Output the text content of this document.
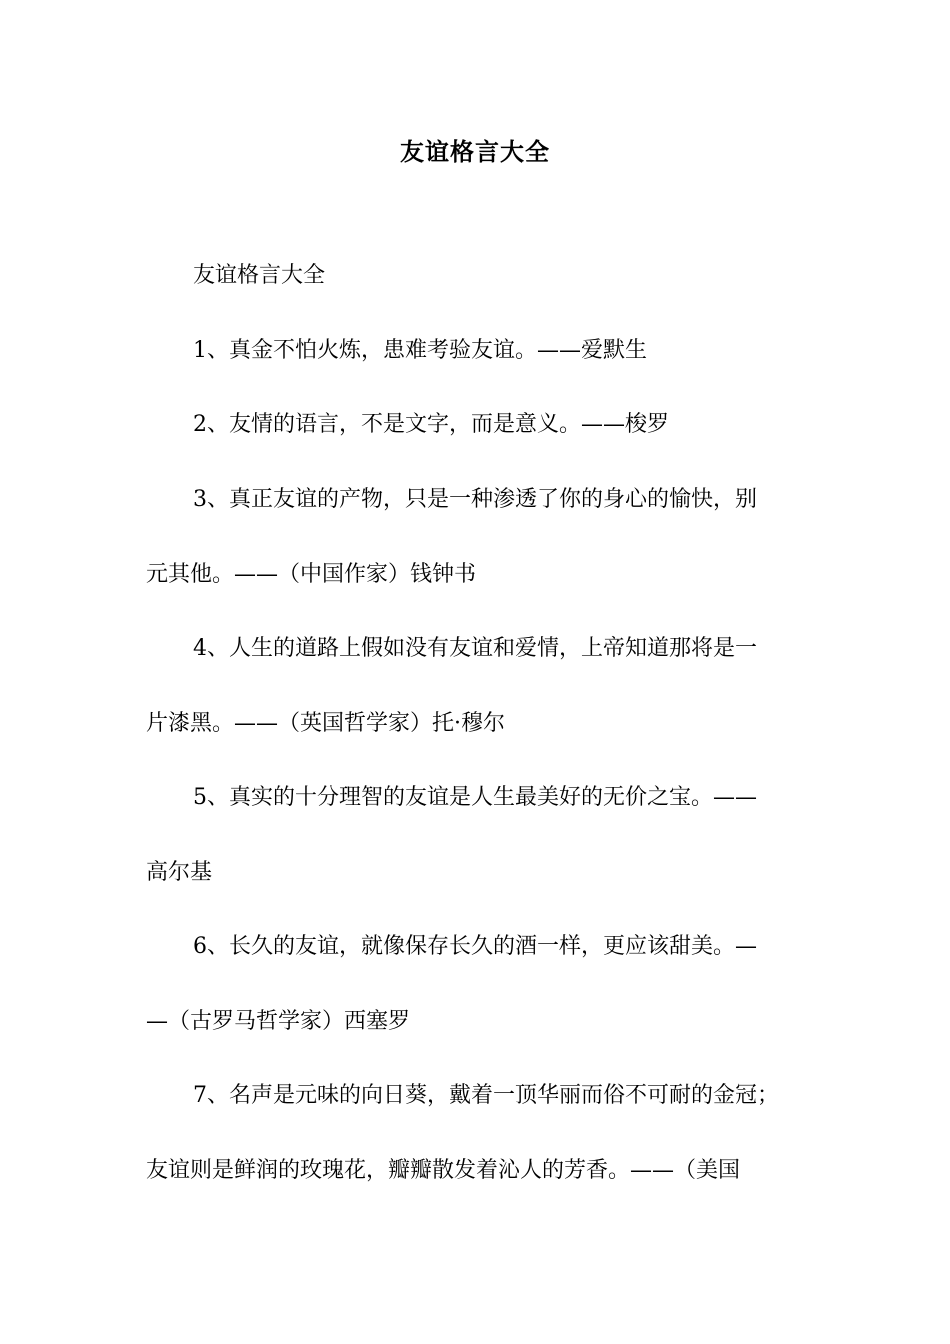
友谊格言大全
友谊格言大全
1、真金不怕火炼，患难考验友谊。——爱默生
2、友情的语言，不是文字，而是意义。——梭罗
3、真正友谊的产物，只是一种渗透了你的身心的愉快，别
元其他。——（中国作家）钱钟书
4、人生的道路上假如没有友谊和爱情，上帝知道那将是一
片漆黑。——（英国哲学家）托·穆尔
5、真实的十分理智的友谊是人生最美好的无价之宝。——
高尔基
6、长久的友谊，就像保存长久的酒一样，更应该甜美。—
—（古罗马哲学家）西塞罗
7、名声是元味的向日葵，戴着一顶华丽而俗不可耐的金冠；
友谊则是鲜润的玫瑰花，瓣瓣散发着沁人的芳香。——（美国
